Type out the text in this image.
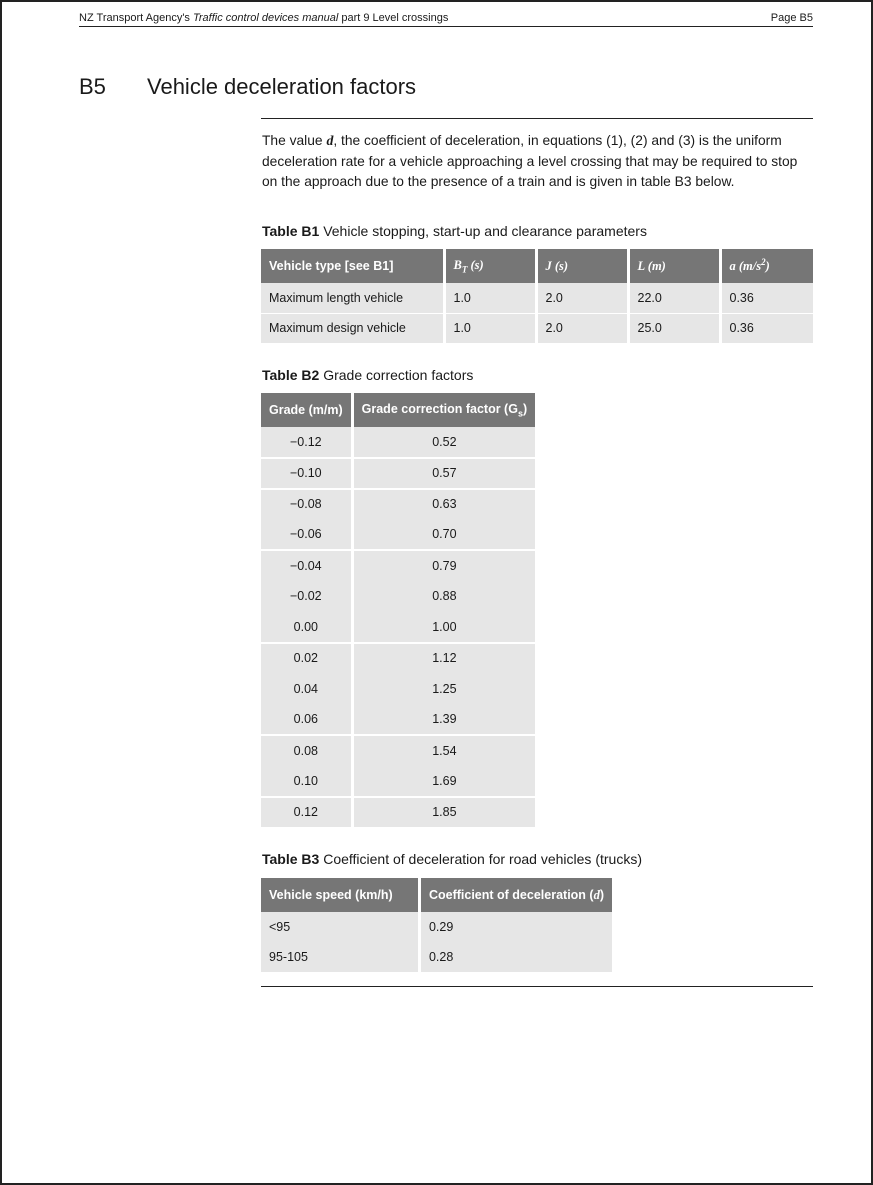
NZ Transport Agency's Traffic control devices manual part 9 Level crossings	Page B5
B5	Vehicle deceleration factors

The value d, the coefficient of deceleration, in equations (1), (2) and (3) is the uniform deceleration rate for a vehicle approaching a level crossing that may be required to stop on the approach due to the presence of a train and is given in table B3 below.

Table B1 Vehicle stopping, start-up and clearance parameters
Vehicle type [see B1]	$B_T$ (s)	J (s)	L (m)	a $(m/s^2)$
Maximum length vehicle	1.0	2.0	22.0	0.36
Maximum design vehicle	1.0	2.0	25.0	0.36
Table B2 Grade correction factors
Grade (m/m)	Grade correction factor $(G_s)$
−0.12	0.52
−0.10	0.57
−0.08	0.63
−0.06	0.70
−0.04	0.79
−0.02	0.88
0.00	1.00
0.02	1.12
0.04	1.25
0.06	1.39
0.08	1.54
0.10	1.69
0.12	1.85
Table B3 Coefficient of deceleration for road vehicles (trucks)
Vehicle speed (km/h)	Coefficient of deceleration (d)
<95	0.29
95-105	0.28
